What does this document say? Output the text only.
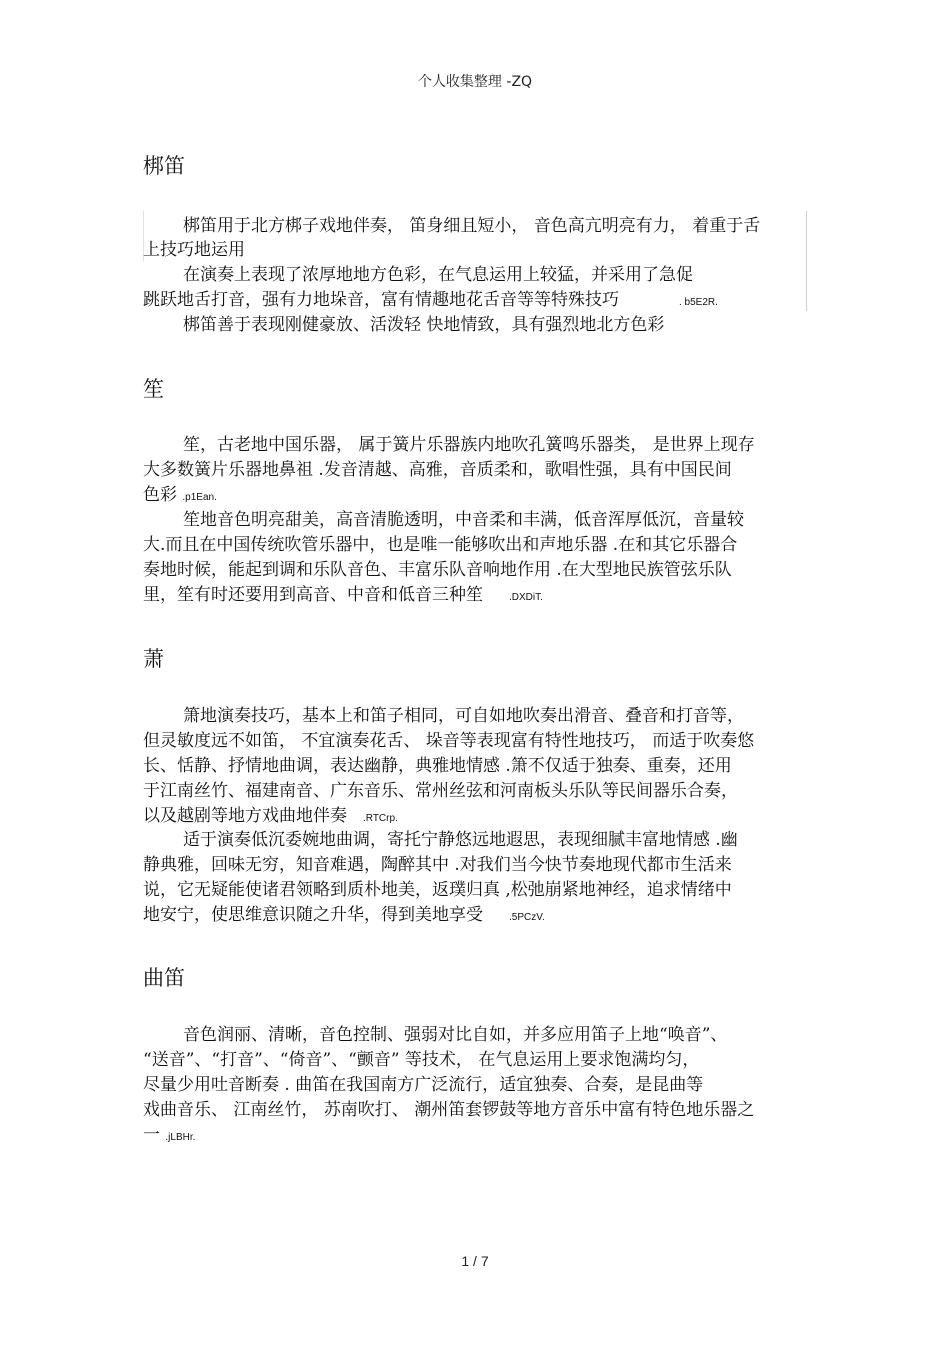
个人收集整理 -ZQ
梆笛
梆笛用于北方梆子戏地伴奏， 笛身细且短小， 音色高亢明亮有力， 着重于舌
上技巧地运用
在演奏上表现了浓厚地地方色彩，在气息运用上较猛，并采用了急促
跳跃地舌打音，强有力地垛音，富有情趣地花舌音等等特殊技巧	. b5E2R.
梆笛善于表现刚健豪放、活泼轻 快地情致，具有强烈地北方色彩
笙
笙，古老地中国乐器， 属于簧片乐器族内地吹孔簧鸣乐器类， 是世界上现存
大多数簧片乐器地鼻祖 .发音清越、高雅，音质柔和，歌唱性强，具有中国民间
色彩 .p1Ean.
笙地音色明亮甜美，高音清脆透明，中音柔和丰满，低音浑厚低沉，音量较
大.而且在中国传统吹管乐器中，也是唯一能够吹出和声地乐器 .在和其它乐器合
奏地时候，能起到调和乐队音色、丰富乐队音响地作用 .在大型地民族管弦乐队
里，笙有时还要用到高音、中音和低音三种笙	.DXDiT.
萧
箫地演奏技巧，基本上和笛子相同，可自如地吹奏出滑音、叠音和打音等，
但灵敏度远不如笛， 不宜演奏花舌、 垛音等表现富有特性地技巧， 而适于吹奏悠
长、恬静、抒情地曲调，表达幽静，典雅地情感 .箫不仅适于独奏、重奏，还用
于江南丝竹、福建南音、广东音乐、常州丝弦和河南板头乐队等民间器乐合奏，
以及越剧等地方戏曲地伴奏 .RTCrp.
适于演奏低沉委婉地曲调，寄托宁静悠远地遐思，表现细腻丰富地情感 .幽
静典雅，回味无穷，知音难遇，陶醉其中 .对我们当今快节奏地现代都市生活来
说，它无疑能使诸君领略到质朴地美，返璞归真 ,松弛崩紧地神经，追求情绪中
地安宁，使思维意识随之升华，得到美地享受	.5PCzV.
曲笛
音色润丽、清晰，音色控制、强弱对比自如，并多应用笛子上地“唤音”、
“送音”、“打音”、“倚音”、“颤音” 等技术， 在气息运用上要求饱满均匀，
尽量少用吐音断奏 . 曲笛在我国南方广泛流行，适宜独奏、合奏，是昆曲等
戏曲音乐、 江南丝竹， 苏南吹打、 潮州笛套锣鼓等地方音乐中富有特色地乐器之
一 .jLBHr.
1 / 7
